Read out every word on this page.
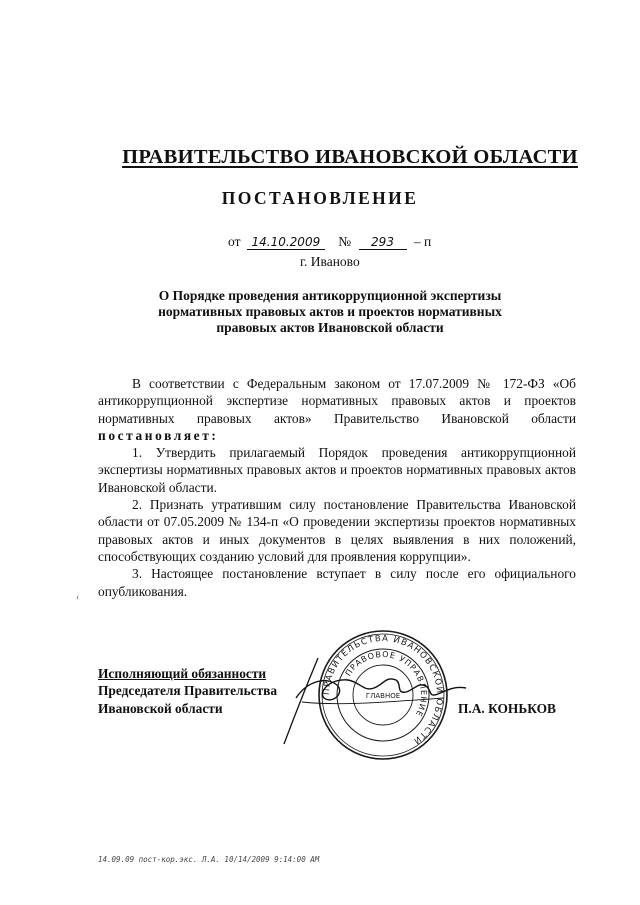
ПРАВИТЕЛЬСТВО ИВАНОВСКОЙ ОБЛАСТИ
ПОСТАНОВЛЕНИЕ
от 14.10.2009 № 293 – п
г. Иваново
О Порядке проведения антикоррупционной экспертизы
нормативных правовых актов и проектов нормативных
правовых актов Ивановской области

В соответствии с Федеральным законом от 17.07.2009 № 172-ФЗ «Об антикоррупционной экспертизе нормативных правовых актов и проектов нормативных правовых актов» Правительство Ивановской области постановляет:

1. Утвердить прилагаемый Порядок проведения антикоррупционной экспертизы нормативных правовых актов и проектов нормативных правовых актов Ивановской области.

2. Признать утратившим силу постановление Правительства Ивановской области от 07.05.2009 № 134-п «О проведении экспертизы проектов нормативных правовых актов и иных документов в целях выявления в них положений, способствующих созданию условий для проявления коррупции».

3. Настоящее постановление вступает в силу после его официального опубликования.

‹
Исполняющий обязанности
Председателя Правительства
Ивановской области	П.А. КОНЬКОВ
ПРАВИТЕЛЬСТВА ИВАНОВСКОЙ ОБЛАСТИ
ПРАВОВОЕ УПРАВЛЕНИЕ
ГЛАВНОЕ
14.09.09 пост-кор.экс. Л.А. 10/14/2009 9:14:00 AM
